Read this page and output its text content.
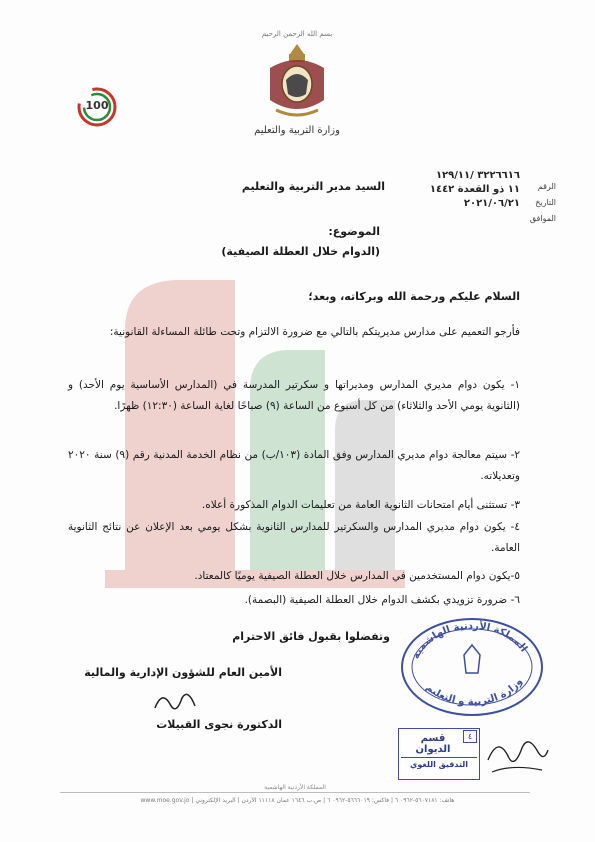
بسم الله الرحمن الرحيم
وزارة التربية والتعليم
100
الرقم
٣٢٢٦٦١٦ /١٢٩/١١
١١ ذو القعدة ١٤٤٢
التاريخ
٢٠٢١/٠٦/٢١
الموافق
السيد مدير التربية والتعليم
الموضوع:
(الدوام خلال العطلة الصيفية)
السلام عليكم ورحمة الله وبركاته، وبعد؛
فأرجو التعميم على مدارس مديريتكم بالتالي مع ضرورة الالتزام وتحت طائلة المساءلة القانونية:
١- يكون دوام مديري المدارس ومديراتها و سكرتير المدرسة في (المدارس الأساسية يوم الأحد) و (الثانوية يومي الأحد والثلاثاء) من كل أسبوع من الساعة (٩) صباحًا لغاية الساعة (١٢:٣٠) ظهرًا.
٢- سيتم معالجة دوام مديري المدارس وفق المادة (١٠٣/ب) من نظام الخدمة المدنية رقم (٩) سنة ٢٠٢٠ وتعديلاته.
٣- تستثنى أيام امتحانات الثانوية العامة من تعليمات الدوام المذكورة أعلاه.
٤- يكون دوام مديري المدارس والسكرتير للمدارس الثانوية بشكل يومي بعد الإعلان عن نتائج الثانوية العامة.
٥-يكون دوام المستخدمين في المدارس خلال العطلة الصيفية يوميًا كالمعتاد.
٦- ضرورة تزويدي بكشف الدوام خلال العطلة الصيفية (البصمة).
وتفضلوا بقبول فائق الاحترام
الأمين العام للشؤون الإدارية والمالية
الدكتورة نجوى القبيلات
المملكة الأردنية الهاشمية
وزارة التربية و التعليم
٤
قسم الديوان
التدقيق اللغوي
المملكة الأردنية الهاشمية
هاتف: ٥٦٠٧١٨١-٠٩٦٢ ٦ | فاكس: ٥٦٦٦٠١٩-٠٩٦٢ ٦ | ص.ب ١٦٤٦ عمان ١١١١٨ الأردن | البريد الإلكتروني | www.moe.gov.jo
